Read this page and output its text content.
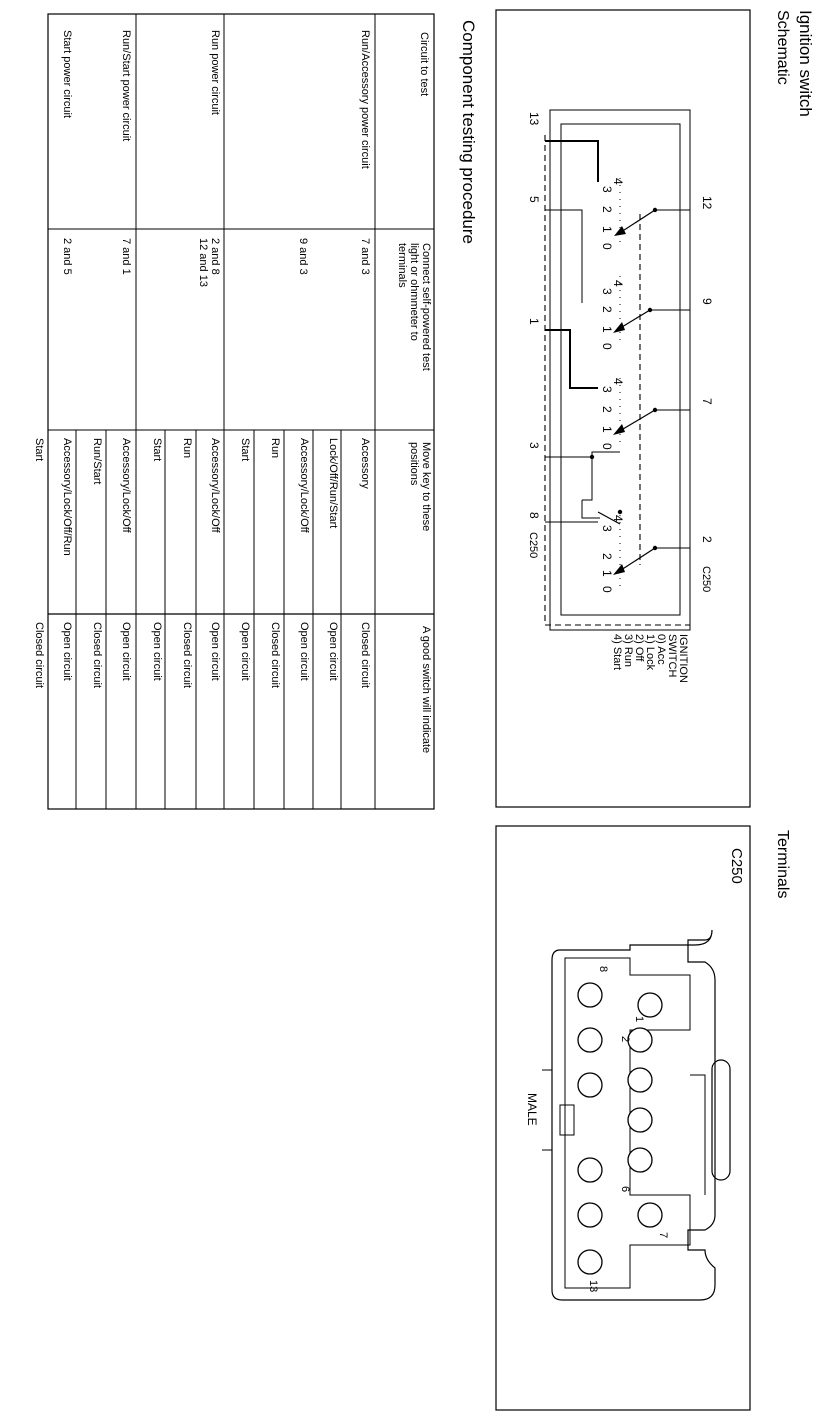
Ignition switch
Schematic
Terminals
Component testing procedure	12
9
7
2
C250
13
5
1
3
8
C250
4
3
2
1
0
4
3
2
1
0
4
3
2
1
0
4
3
2
1
0
IGNITION
SWITCH
0) Acc
1) Lock
2) Off
3) Run
4) Start
C250
MALE
1
2
6
7
8
13
Circuit to test
Connect self-powered test light or ohmmeter to terminals
Move key to these positions
A good switch will indicate
Run/Accessory power circuit
Run power circuit
Run/Start power circuit
Start power circuit
7 and 3
9 and 3
2 and 8
12 and 13
7 and 1
2 and 5
Accessory
Closed circuit
Lock/Off/Run/Start
Open circuit
Accessory/Lock/Off
Open circuit
Run
Closed circuit
Start
Open circuit
Accessory/Lock/Off
Open circuit
Run
Closed circuit
Start
Open circuit
Accessory/Lock/Off
Open circuit
Run/Start
Closed circuit
Accessory/Lock/Off/Run
Open circuit
Start
Closed circuit
